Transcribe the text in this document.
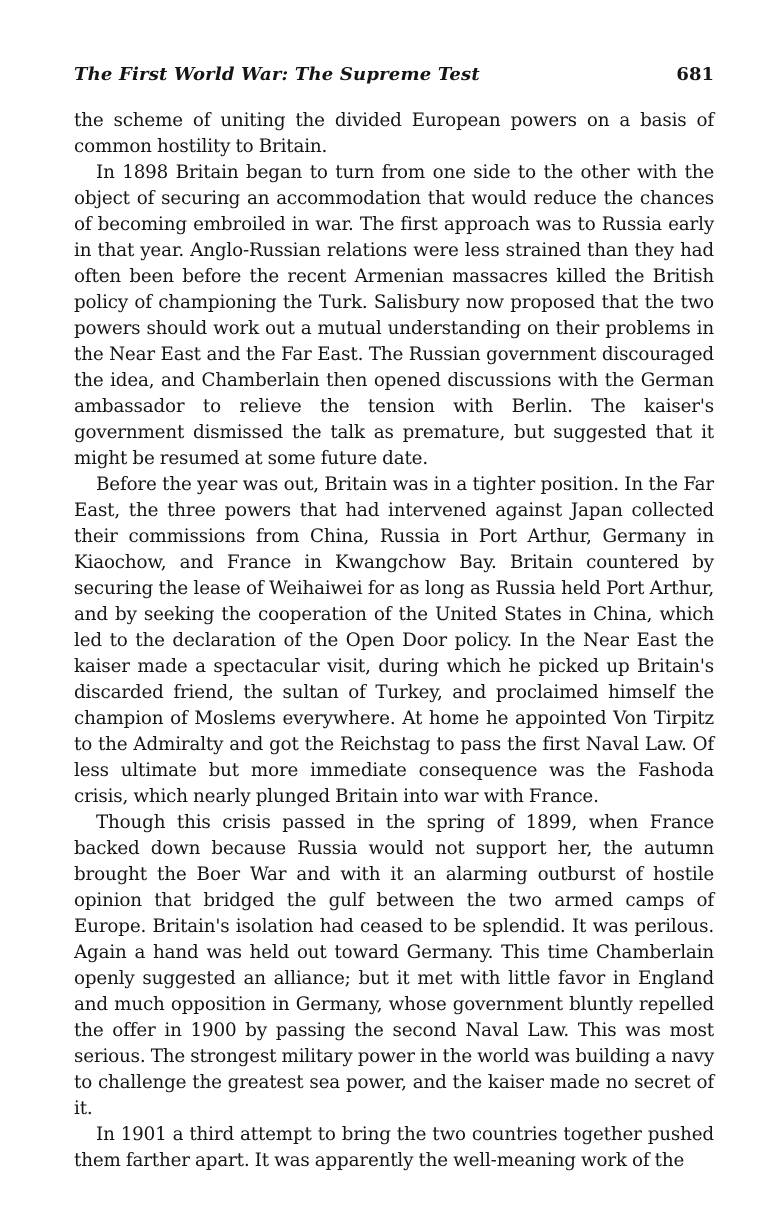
The First World War: The Supreme Test	681

the scheme of uniting the divided European powers on a basis of common hostility to Britain.

In 1898 Britain began to turn from one side to the other with the object of securing an accommodation that would reduce the chances of becoming embroiled in war. The first approach was to Russia early in that year. Anglo-Russian relations were less strained than they had often been before the recent Armenian massacres killed the British policy of championing the Turk. Salisbury now proposed that the two powers should work out a mutual understanding on their problems in the Near East and the Far East. The Russian government discouraged the idea, and Chamberlain then opened discussions with the German ambassador to relieve the tension with Berlin. The kaiser's government dismissed the talk as premature, but suggested that it might be resumed at some future date.

Before the year was out, Britain was in a tighter position. In the Far East, the three powers that had intervened against Japan collected their commissions from China, Russia in Port Arthur, Germany in Kiaochow, and France in Kwangchow Bay. Britain countered by securing the lease of Weihaiwei for as long as Russia held Port Arthur, and by seeking the cooperation of the United States in China, which led to the declaration of the Open Door policy. In the Near East the kaiser made a spectacular visit, during which he picked up Britain's discarded friend, the sultan of Turkey, and proclaimed himself the champion of Moslems everywhere. At home he appointed Von Tirpitz to the Admiralty and got the Reichstag to pass the first Naval Law. Of less ultimate but more immediate consequence was the Fashoda crisis, which nearly plunged Britain into war with France.

Though this crisis passed in the spring of 1899, when France backed down because Russia would not support her, the autumn brought the Boer War and with it an alarming outburst of hostile opinion that bridged the gulf between the two armed camps of Europe. Britain's isolation had ceased to be splendid. It was perilous. Again a hand was held out toward Germany. This time Chamberlain openly suggested an alliance; but it met with little favor in England and much opposition in Germany, whose government bluntly repelled the offer in 1900 by passing the second Naval Law. This was most serious. The strongest military power in the world was building a navy to challenge the greatest sea power, and the kaiser made no secret of it.

In 1901 a third attempt to bring the two countries together pushed them farther apart. It was apparently the well-meaning work of the
